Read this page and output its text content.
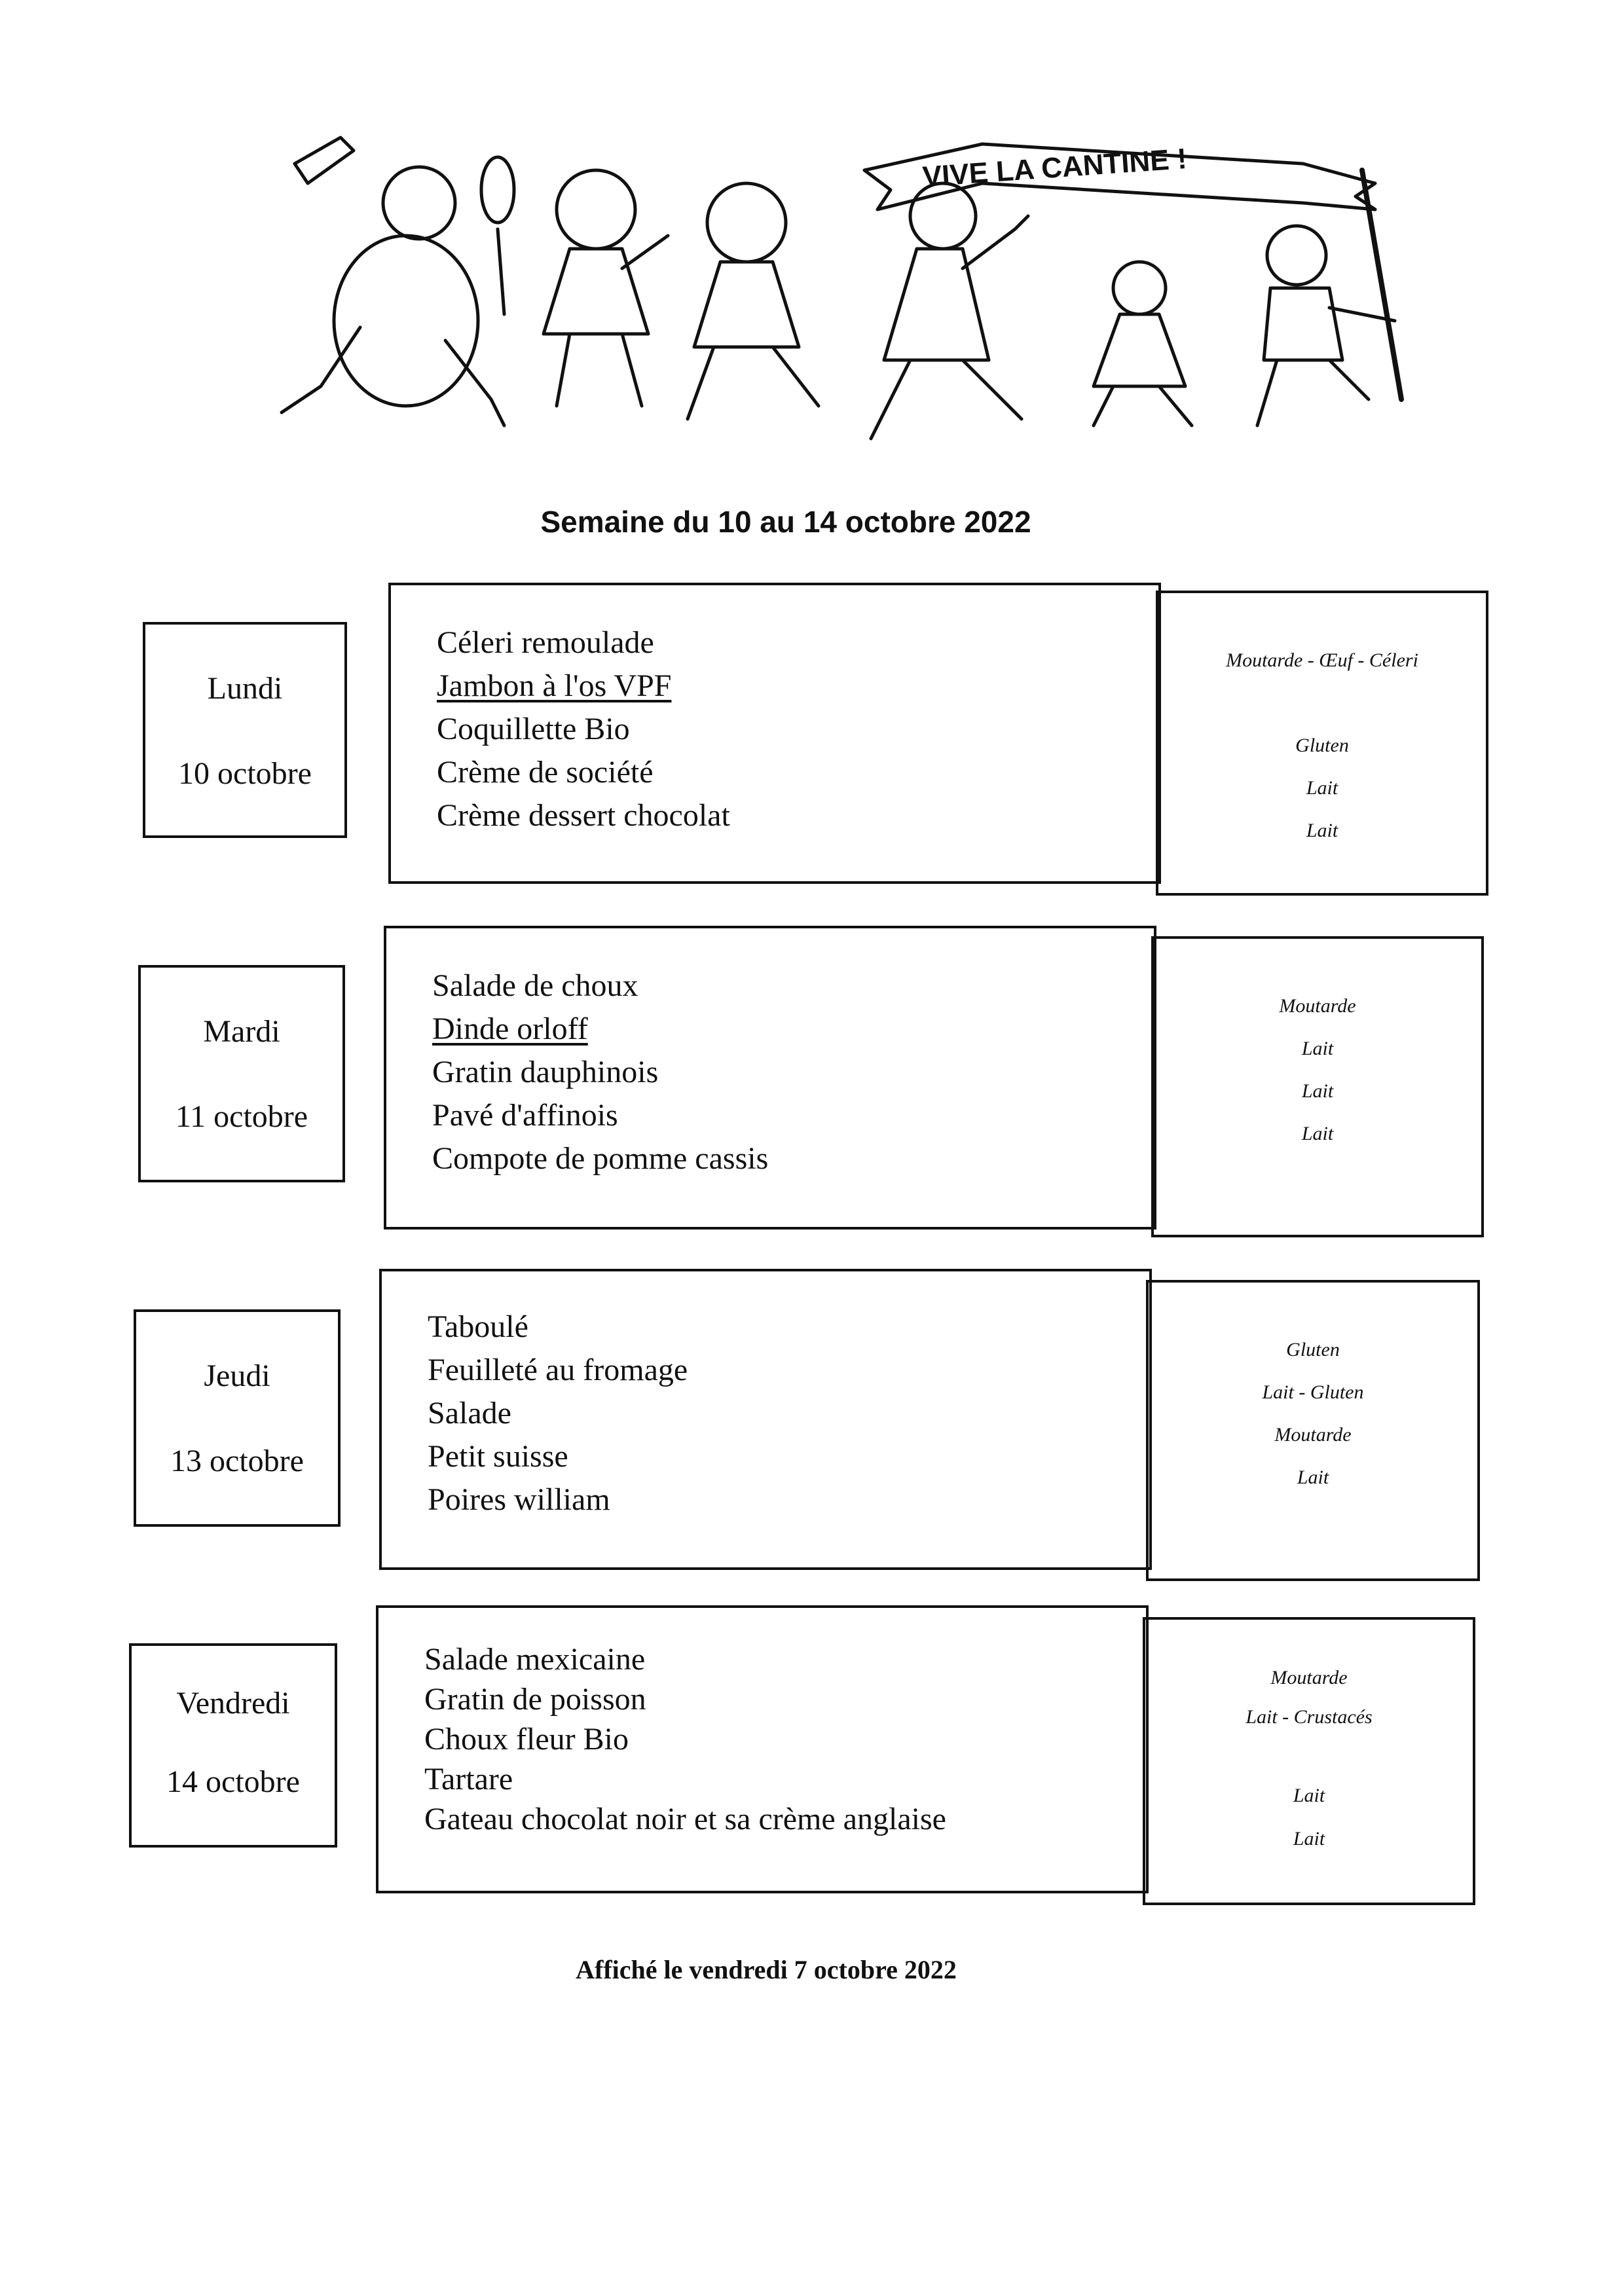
VIVE LA CANTINE !
Semaine du 10 au 14 octobre 2022
Lundi
10 octobre
Céleri remoulade
Jambon à l'os VPF
Coquillette Bio
Crème de société
Crème dessert chocolat
Moutarde - Œuf - Céleri
Gluten
Lait
Lait
Mardi
11 octobre
Salade de choux
Dinde orloff
Gratin dauphinois
Pavé d'affinois
Compote de pomme cassis
Moutarde
Lait
Lait
Lait
Jeudi
13 octobre
Taboulé
Feuilleté au fromage
Salade
Petit suisse
Poires william
Gluten
Lait - Gluten
Moutarde
Lait
Vendredi
14 octobre
Salade mexicaine
Gratin de poisson
Choux fleur Bio
Tartare
Gateau chocolat noir et sa crème anglaise
Moutarde
Lait - Crustacés
Lait
Lait
Affiché le vendredi 7 octobre 2022
